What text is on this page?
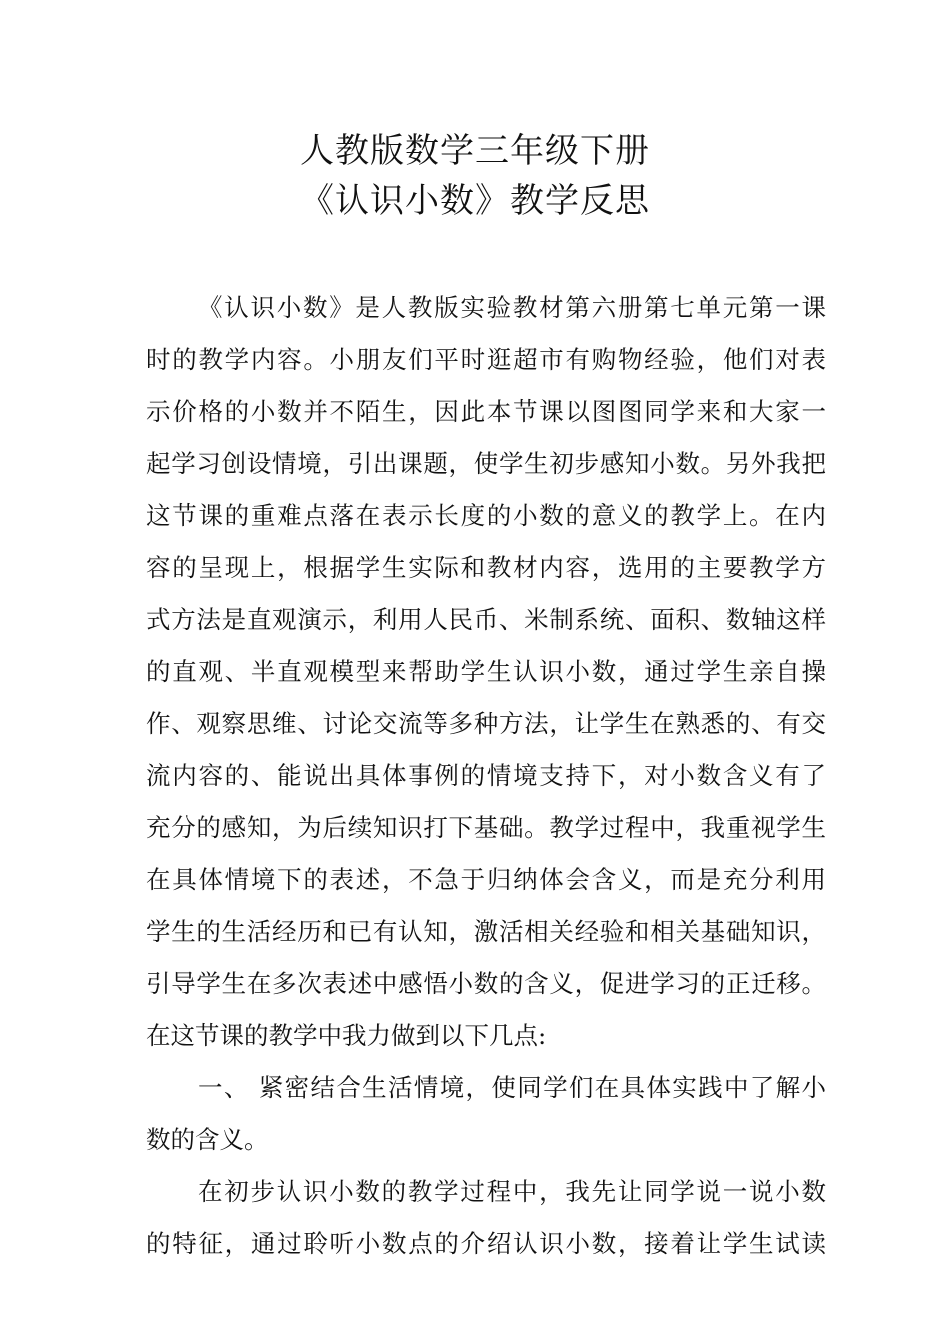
人教版数学三年级下册
《认识小数》教学反思
《认识小数》是人教版实验教材第六册第七单元第一课
时的教学内容。小朋友们平时逛超市有购物经验，他们对表
示价格的小数并不陌生，因此本节课以图图同学来和大家一
起学习创设情境，引出课题，使学生初步感知小数。另外我把
这节课的重难点落在表示长度的小数的意义的教学上。在内
容的呈现上，根据学生实际和教材内容，选用的主要教学方
式方法是直观演示，利用人民币、米制系统、面积、数轴这样
的直观、半直观模型来帮助学生认识小数，通过学生亲自操
作、观察思维、讨论交流等多种方法，让学生在熟悉的、有交
流内容的、能说出具体事例的情境支持下，对小数含义有了
充分的感知，为后续知识打下基础。教学过程中，我重视学生
在具体情境下的表述，不急于归纳体会含义，而是充分利用
学生的生活经历和已有认知，激活相关经验和相关基础知识，
引导学生在多次表述中感悟小数的含义，促进学习的正迁移。
在这节课的教学中我力做到以下几点:
一、 紧密结合生活情境，使同学们在具体实践中了解小
数的含义。
在初步认识小数的教学过程中，我先让同学说一说小数
的特征，通过聆听小数点的介绍认识小数，接着让学生试读
